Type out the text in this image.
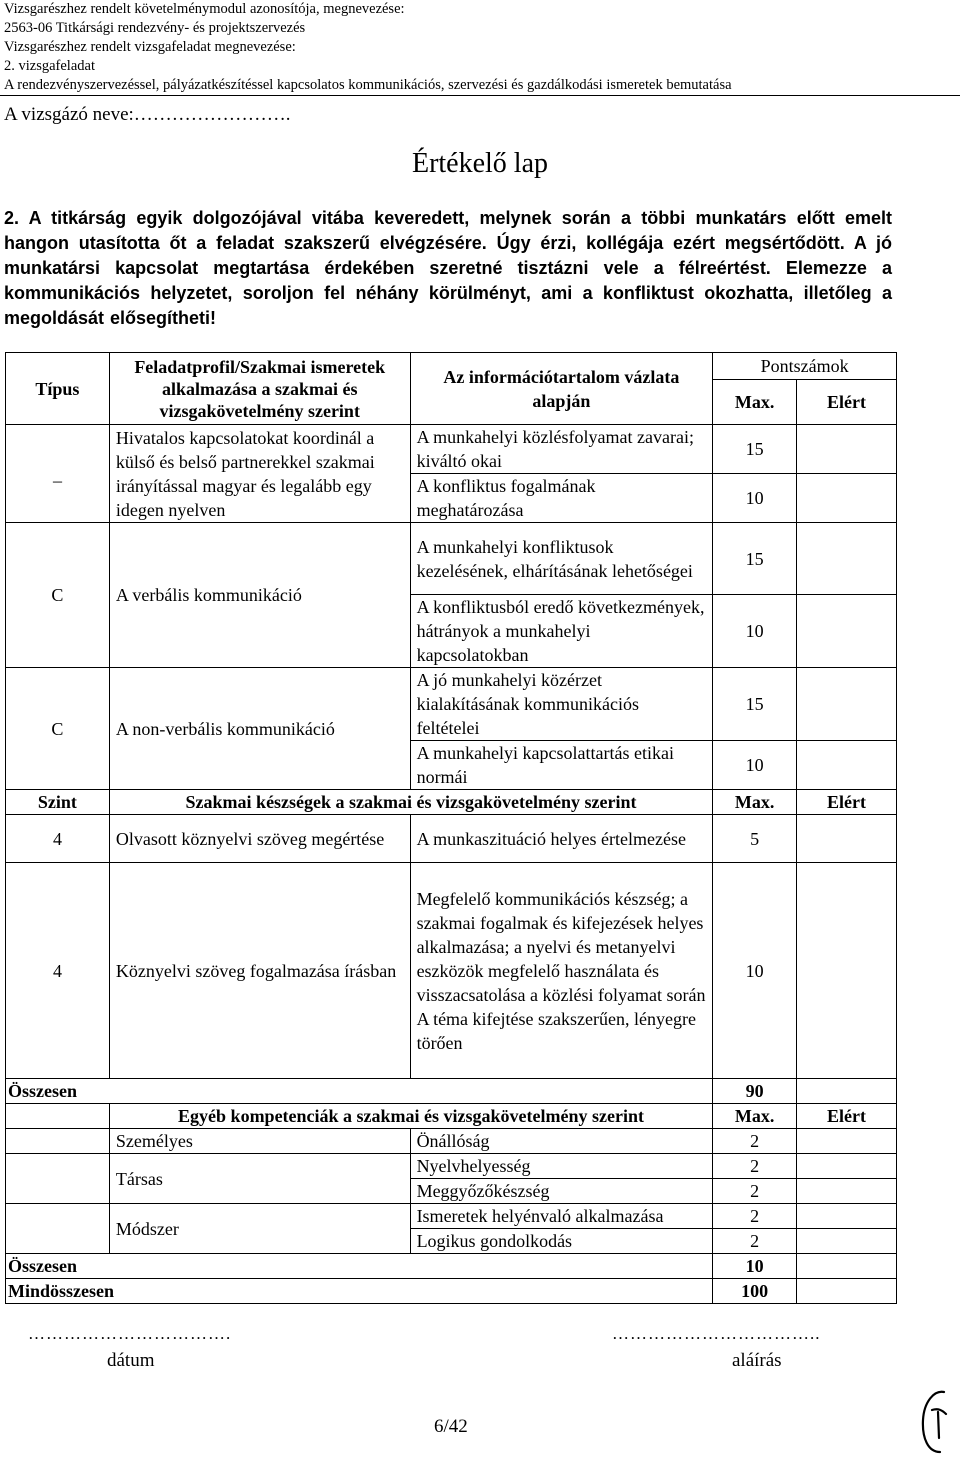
Vizsgarészhez rendelt követelménymodul azonosítója, megnevezése:
2563-06 Titkársági rendezvény- és projektszervezés
Vizsgarészhez rendelt vizsgafeladat megnevezése:
2. vizsgafeladat
A rendezvényszervezéssel, pályázatkészítéssel kapcsolatos kommunikációs, szervezési és gazdálkodási ismeretek bemutatása
A vizsgázó neve:…………………….
Értékelő lap
2. A titkárság egyik dolgozójával vitába keveredett, melynek során a többi munkatárs előtt emelt hangon utasította őt a feladat szakszerű elvégzésére. Úgy érzi, kollégája ezért megsértődött. A jó munkatársi kapcsolat megtartása érdekében szeretné tisztázni vele a félreértést. Elemezze a kommunikációs helyzetet, soroljon fel néhány körülményt, ami a konfliktust okozhatta, illetőleg a megoldását elősegítheti!
Típus	Feladatprofil/Szakmai ismeretek alkalmazása a szakmai és vizsgakövetelmény szerint	Az információtartalom vázlata alapján	Pontszámok	
			Max.	Elért
_	Hivatalos kapcsolatokat koordinál a külső és belső partnerekkel szakmai irányítással magyar és legalább egy idegen nyelven	A munkahelyi közlésfolyamat zavarai; kiváltó okai	15	
		A konfliktus fogalmának meghatározása	10	
C	A verbális kommunikáció	A munkahelyi konfliktusok kezelésének, elhárításának lehetőségei	15	
		A konfliktusból eredő következmények, hátrányok a munkahelyi kapcsolatokban	10	
C	A non-verbális kommunikáció	A jó munkahelyi közérzet kialakításának kommunikációs feltételei	15	
		A munkahelyi kapcsolattartás etikai normái	10	
Szint	Szakmai készségek a szakmai és vizsgakövetelmény szerint		Max.	Elért
4	Olvasott köznyelvi szöveg megértése	A munkaszituáció helyes értelmezése	5	
4	Köznyelvi szöveg fogalmazása írásban	Megfelelő kommunikációs készség; a szakmai fogalmak és kifejezések helyes alkalmazása; a nyelvi és metanyelvi eszközök megfelelő használata és visszacsatolása a közlési folyamat során A téma kifejtése szakszerűen, lényegre törően	10	
Összesen			90	
	Egyéb kompetenciák a szakmai és vizsgakövetelmény szerint		Max.	Elért
	Személyes	Önállóság	2	
	Társas	Nyelvhelyesség	2	
		Meggyőzőkészség	2	
	Módszer	Ismeretek helyénvaló alkalmazása	2	
		Logikus gondolkodás	2	
Összesen			10	
Mindösszesen			100	
…………………………….	……………………………..
dátum	aláírás
6/42
